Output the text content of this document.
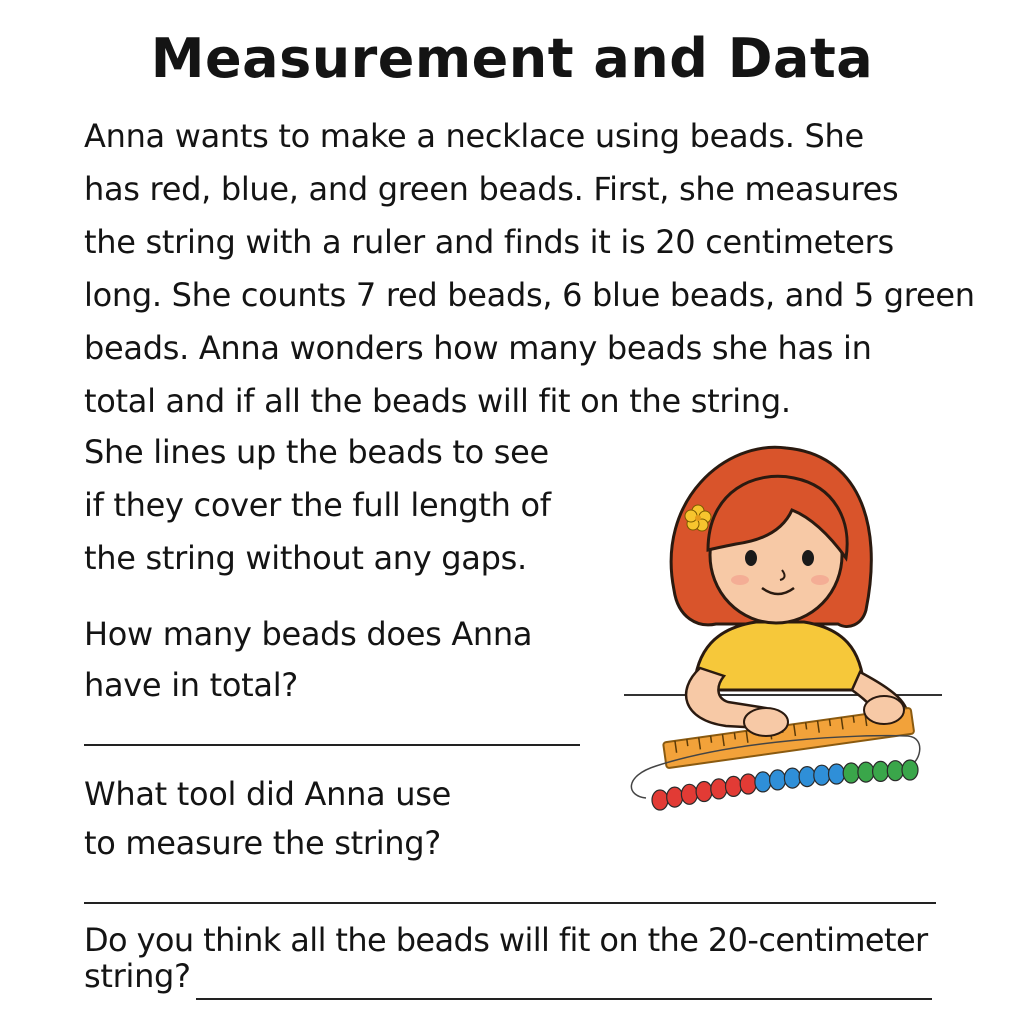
Measurement and Data
Anna wants to make a necklace using beads. She
has red, blue, and green beads. First, she measures
the string with a ruler and finds it is 20 centimeters
long. She counts 7 red beads, 6 blue beads, and 5 green
beads. Anna wonders how many beads she has in
total and if all the beads will fit on the string.
She lines up the beads to see
if they cover the full length of
the string without any gaps.
How many beads does Anna
have in total?
What tool did Anna use
to measure the string?
Do you think all the beads will fit on the 20-centimeter
string?
